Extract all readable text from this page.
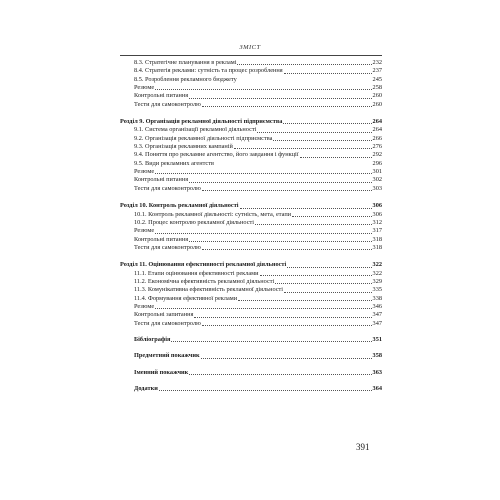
ЗМІСТ
8.3. Стратегічне планування в рекламі	232
8.4. Стратегія реклами: сутність та процес розроблення	237
8.5. Розроблення рекламного бюджету	245
Резюме	258
Контрольні питання	260
Тести для самоконтролю	260
Розділ 9. Організація рекламної діяльності підприємства	264
9.1. Система організації рекламної діяльності	264
9.2. Організація рекламної діяльності підприємства	266
9.3. Організація рекламних кампаній	276
9.4. Поняття про рекламне агентство, його завдання і функції	292
9.5. Види рекламних агентств	296
Резюме	301
Контрольні питання	302
Тести для самоконтролю	303
Розділ 10. Контроль рекламної діяльності	306
10.1. Контроль рекламної діяльності: сутність, мета, етапи	306
10.2. Процес контролю рекламної діяльності	312
Резюме	317
Контрольні питання	318
Тести для самоконтролю	318
Розділ 11. Оцінювання ефективності рекламної діяльності	322
11.1. Етапи оцінювання ефективності реклами	322
11.2. Економічна ефективність рекламної діяльності	329
11.3. Комунікативна ефективність рекламної діяльності	335
11.4. Формування ефективної реклами	338
Резюме	346
Контрольні запитання	347
Тести для самоконтролю	347
Бібліографія	351
Предметний покажчик	358
Іменний покажчик	363
Додатки	364
391
